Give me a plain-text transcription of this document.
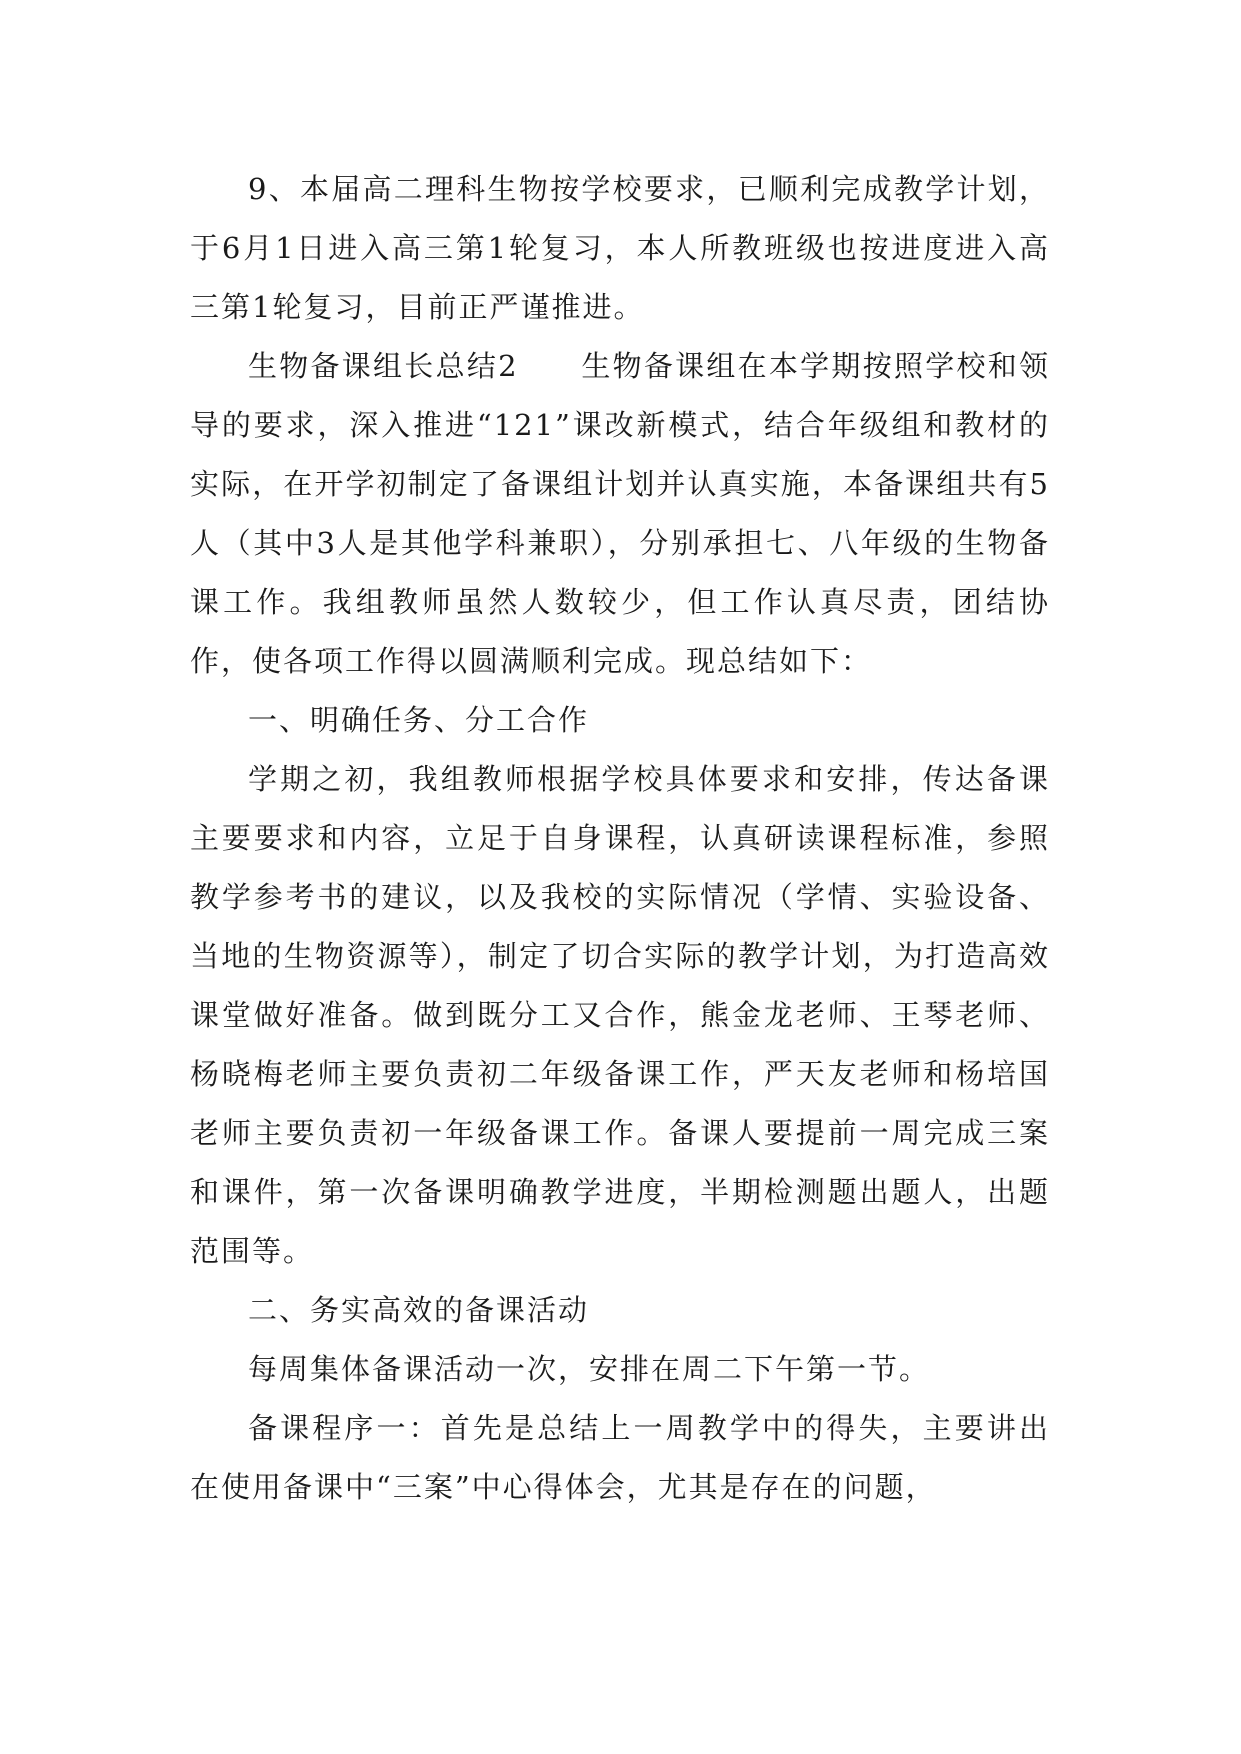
9、本届高二理科生物按学校要求，已顺利完成教学计划，于6月1日进入高三第1轮复习，本人所教班级也按进度进入高三第1轮复习，目前正严谨推进。

生物备课组长总结2　　生物备课组在本学期按照学校和领导的要求，深入推进“121”课改新模式，结合年级组和教材的实际，在开学初制定了备课组计划并认真实施，本备课组共有5人（其中3人是其他学科兼职），分别承担七、八年级的生物备课工作。我组教师虽然人数较少，但工作认真尽责，团结协作，使各项工作得以圆满顺利完成。现总结如下：

一、明确任务、分工合作

学期之初，我组教师根据学校具体要求和安排，传达备课主要要求和内容，立足于自身课程，认真研读课程标准，参照教学参考书的建议，以及我校的实际情况（学情、实验设备、当地的生物资源等），制定了切合实际的教学计划，为打造高效课堂做好准备。做到既分工又合作，熊金龙老师、王琴老师、杨晓梅老师主要负责初二年级备课工作，严天友老师和杨培国老师主要负责初一年级备课工作。备课人要提前一周完成三案和课件，第一次备课明确教学进度，半期检测题出题人，出题范围等。

二、务实高效的备课活动

每周集体备课活动一次，安排在周二下午第一节。

备课程序一：首先是总结上一周教学中的得失，主要讲出在使用备课中“三案”中心得体会，尤其是存在的问题，
